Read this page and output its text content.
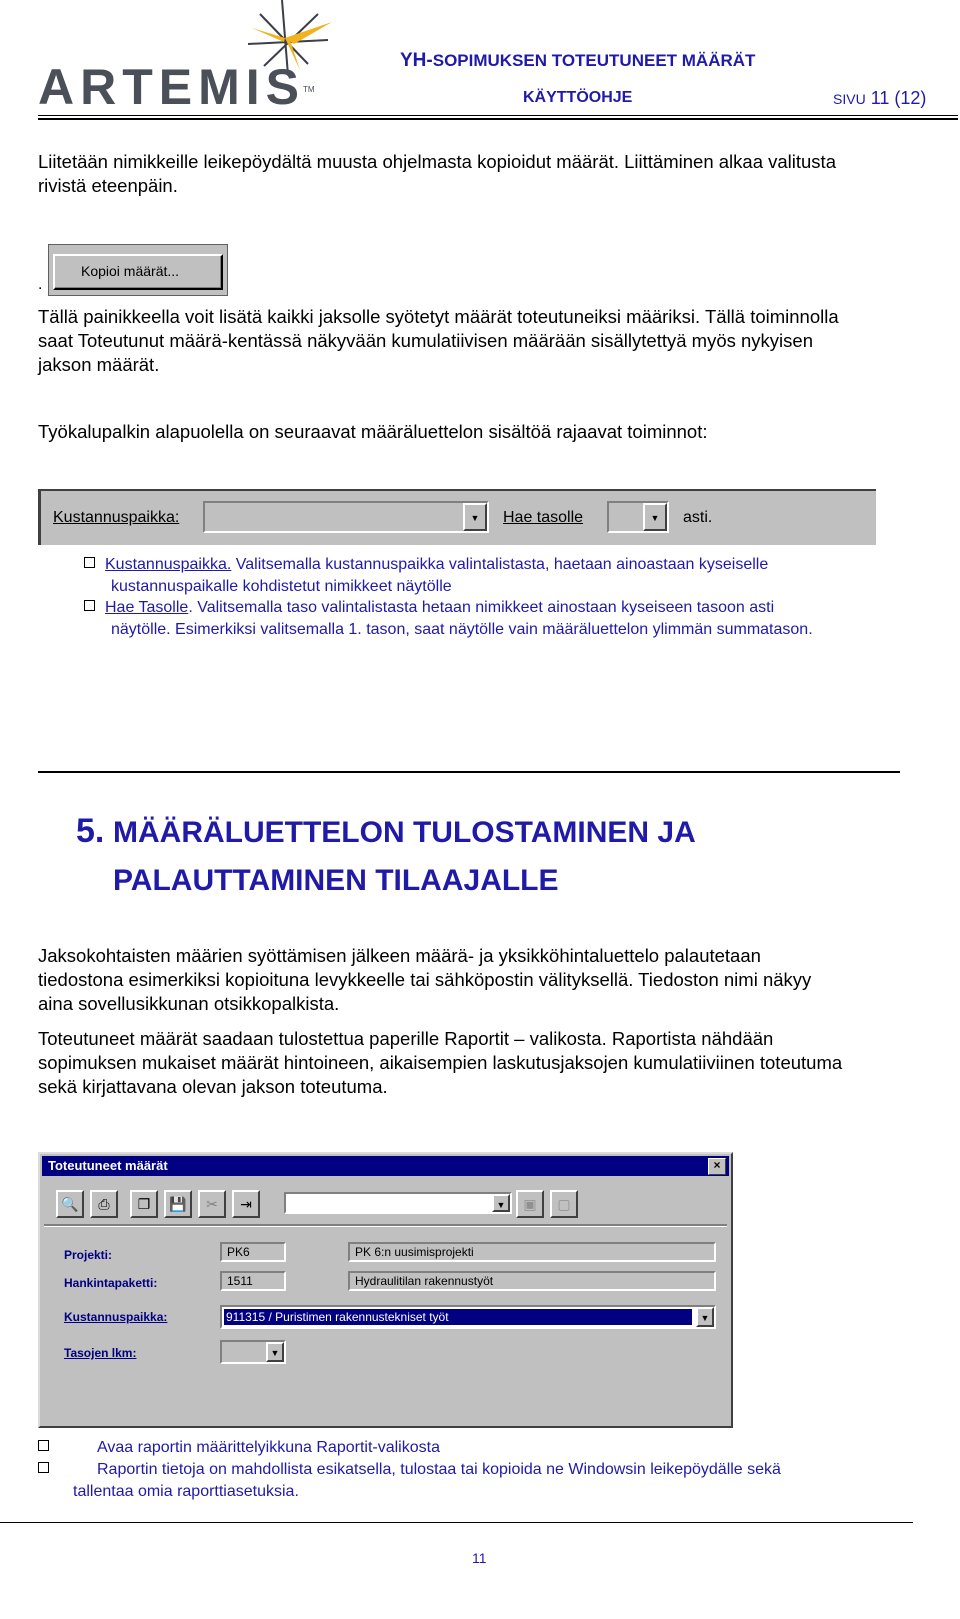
ARTEMIS
TM
YH-SOPIMUKSEN TOTEUTUNEET MÄÄRÄT
KÄYTTÖOHJE	SIVU 11 (12)
Liitetään nimikkeille leikepöydältä muusta ohjelmasta kopioidut määrät. Liittäminen alkaa valitusta
rivistä eteenpäin.
Kopioi määrät...
.
Tällä painikkeella voit lisätä kaikki jaksolle syötetyt määrät toteutuneiksi määriksi. Tällä toiminnolla
saat Toteutunut määrä-kentässä näkyvään kumulatiivisen määrään sisällytettyä myös nykyisen
jakson määrät.
Työkalupalkin alapuolella on seuraavat määräluettelon sisältöä rajaavat toiminnot:
Kustannuspaikka:	▼	Hae tasolle	▼	asti.
Kustannuspaikka. Valitsemalla kustannuspaikka valintalistasta, haetaan ainoastaan kyseiselle
kustannuspaikalle kohdistetut nimikkeet näytölle
Hae Tasolle. Valitsemalla taso valintalistasta hetaan nimikkeet ainostaan kyseiseen tasoon asti
näytölle. Esimerkiksi valitsemalla 1. tason, saat näytölle vain määräluettelon ylimmän summatason.
5. MÄÄRÄLUETTELON TULOSTAMINEN JA
PALAUTTAMINEN TILAAJALLE
Jaksokohtaisten määrien syöttämisen jälkeen määrä- ja yksikköhintaluettelo palautetaan
tiedostona esimerkiksi kopioituna levykkeelle tai sähköpostin välityksellä. Tiedoston nimi näkyy
aina sovellusikkunan otsikkopalkista.
Toteutuneet määrät saadaan tulostettua paperille Raportit – valikosta. Raportista nähdään
sopimuksen mukaiset määrät hintoineen, aikaisempien laskutusjaksojen kumulatiiviinen toteutuma
sekä kirjattavana olevan jakson toteutuma.
Toteutuneet määrät	×
🔍	⎙	❐	💾	✂	⇥	▼	▣	▢
Projekti:	PK6	PK 6:n uusimisprojekti
Hankintapaketti:	1511	Hydraulitilan rakennustyöt
Kustannuspaikka:	911315 / Puristimen rakennustekniset työt	▼
Tasojen lkm:	▼
Avaa raportin määrittelyikkuna Raportit-valikosta
Raportin tietoja on mahdollista esikatsella, tulostaa tai kopioida ne Windowsin leikepöydälle sekä
tallentaa omia raporttiasetuksia.
11
